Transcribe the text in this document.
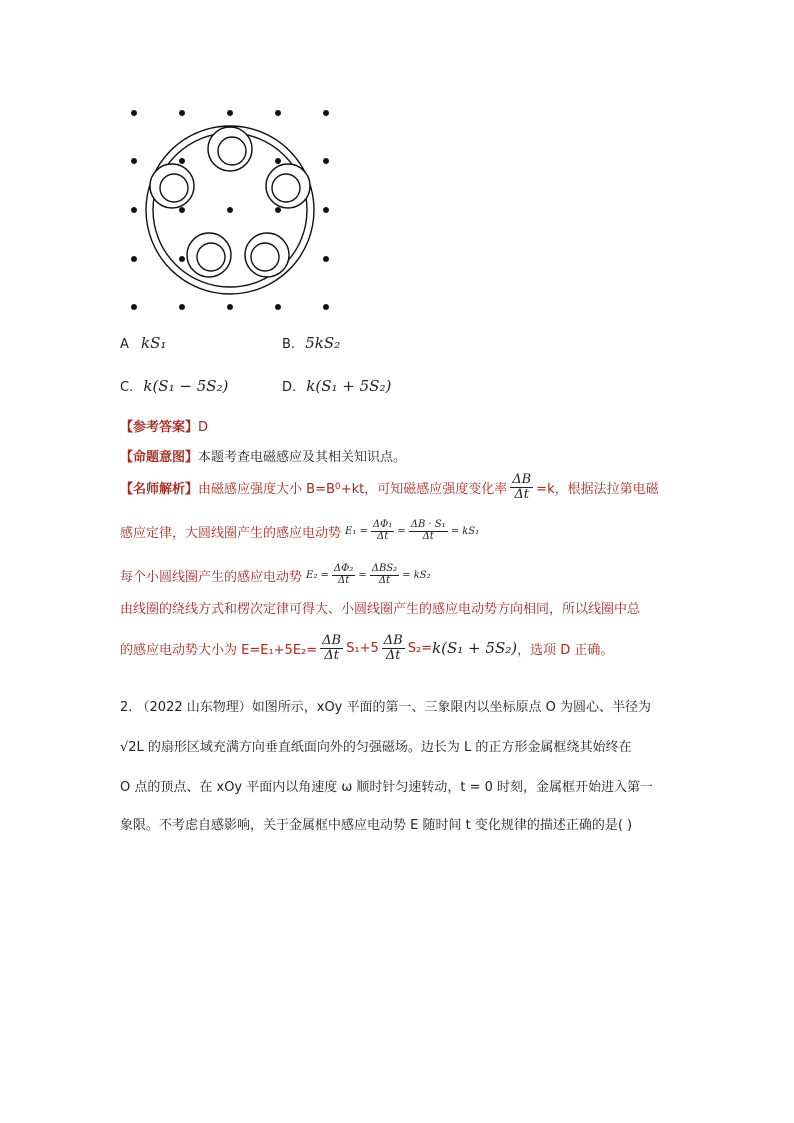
A kS₁	B. 5kS₂
C. k(S₁ − 5S₂)	D. k(S₁ + 5S₂)
【参考答案】D
【命题意图】本题考查电磁感应及其相关知识点。
【名师解析】 由磁感应强度大小 B=B 0 +kt，可知磁感应强度变化率 $\frac{\Delta B}{\Delta t} =k$，根据法拉第电磁
感应定律，大圆线圈产生的感应电动势 $E_1 = \frac{\text{ΔΦ₁}}{\Delta t} = \frac{\text{ΔB · S₁}}{\Delta t} = kS_1$
每个小圆线圈产生的感应电动势 $E_2 = \frac{\text{ΔΦ₂}}{\Delta t} = \frac{\text{ΔBS₂}}{\Delta t} = kS_2$
由线圈的绕线方式和楞次定律可得大、小圆线圈产生的感应电动势方向相同，所以线圈中总
的感应电动势大小为 $E=E_1+5E_2= \frac{\Delta B}{\Delta t} S_1+5 \frac{\Delta B}{\Delta t} S_2= k(S_1 + 5S_2)$ ，选项 D 正确。
2. （2022 山东物理）如图所示，xOy 平面的第一、三象限内以坐标原点 O 为圆心、半径为
√2L 的扇形区域充满方向垂直纸面向外的匀强磁场。边长为 L 的正方形金属框绕其始终在
O 点的顶点、在 xOy 平面内以角速度 ω 顺时针匀速转动，t = 0 时刻，金属框开始进入第一
象限。不考虑自感影响，关于金属框中感应电动势 E 随时间 t 变化规律的描述正确的是( )
